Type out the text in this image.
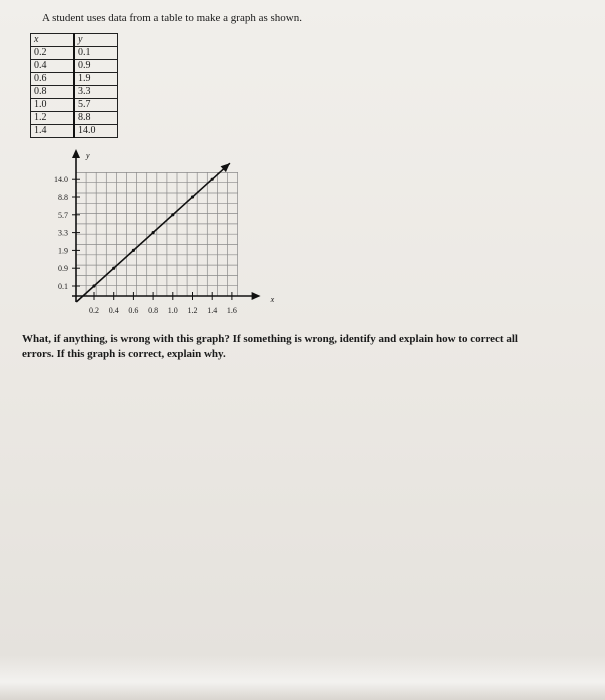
A student uses data from a table to make a graph as shown.
x	y
0.2	0.1
0.4	0.9
0.6	1.9
0.8	3.3
1.0	5.7
1.2	8.8
1.4	14.0
y
x
0.1
0.9
1.9
3.3
5.7
8.8
14.0
0.2 0.4 0.6 0.8 1.0 1.2 1.4 1.6
What, if anything, is wrong with this graph? If something is wrong, identify and explain how to correct all
errors. If this graph is correct, explain why.
